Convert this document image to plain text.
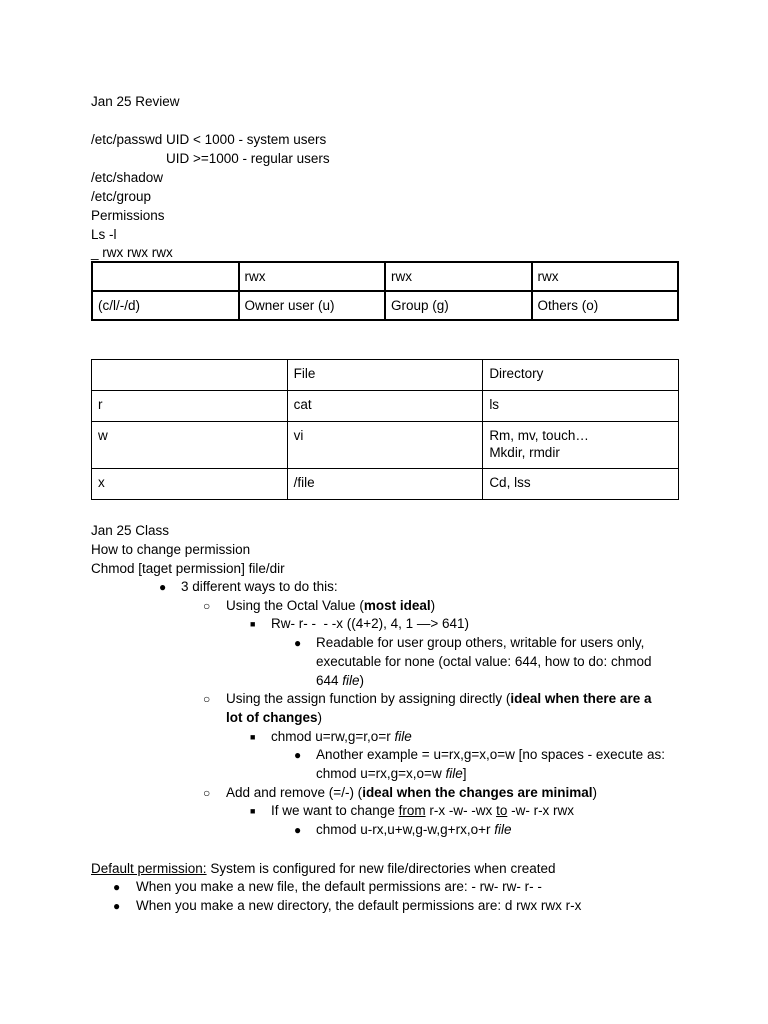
Jan 25 Review
/etc/passwd UID < 1000 - system users
UID >=1000 - regular users
/etc/shadow
/etc/group
Permissions
Ls -l
_ rwx rwx rwx
	rwx	rwx	rwx
(c/l/-/d)	Owner user (u)	Group (g)	Others (o)
	File	Directory
r	cat	ls
w	vi	Rm, mv, touch…
Mkdir, rmdir

x	/file	Cd, lss
Jan 25 Class
How to change permission
Chmod [taget permission] file/dir
● 3 different ways to do this:
○ Using the Octal Value (most ideal)
■ Rw- r- -  - -x ((4+2), 4, 1 —> 641)
● Readable for user group others, writable for users only,
executable for none (octal value: 644, how to do: chmod
644 file)
○ Using the assign function by assigning directly (ideal when there are a
lot of changes)
■ chmod u=rw,g=r,o=r file
● Another example = u=rx,g=x,o=w [no spaces - execute as:
chmod u=rx,g=x,o=w file]
○ Add and remove (=/-) (ideal when the changes are minimal)
■ If we want to change from r-x -w- -wx to -w- r-x rwx
● chmod u-rx,u+w,g-w,g+rx,o+r file
Default permission: System is configured for new file/directories when created
● When you make a new file, the default permissions are: - rw- rw- r- -
● When you make a new directory, the default permissions are: d rwx rwx r-x
